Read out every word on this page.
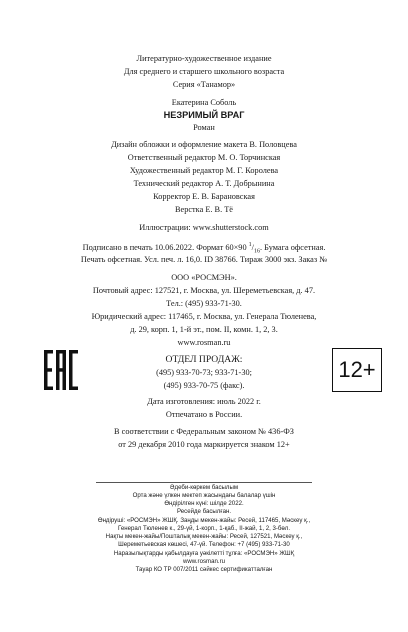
Литературно-художественное издание
Для среднего и старшего школьного возраста
Серия «Танамор»
Екатерина Соболь
НЕЗРИМЫЙ ВРАГ
Роман
Дизайн обложки и оформление макета В. Половцева
Ответственный редактор М. О. Торчинская
Художественный редактор М. Г. Королева
Технический редактор А. Т. Добрынина
Корректор Е. В. Барановская
Верстка Е. В. Тё
Иллюстрации: www.shutterstock.com
Подписано в печать 10.06.2022. Формат 60×90 $^1/_{16}$. Бумага офсетная.
Печать офсетная. Усл. печ. л. 16,0. ID 38766. Тираж 3000 экз. Заказ №
ООО «РОСМЭН».
Почтовый адрес: 127521, г. Москва, ул. Шереметьевская, д. 47.
Тел.: (495) 933-71-30.
Юридический адрес: 117465, г. Москва, ул. Генерала Тюленева,
д. 29, корп. 1, 1-й эт., пом. II, комн. 1, 2, 3.
www.rosman.ru
ОТДЕЛ ПРОДАЖ:
(495) 933-70-73; 933-71-30;
(495) 933-70-75 (факс).
12+
Дата изготовления: июль 2022 г.
Отпечатано в России.
В соответствии с Федеральным законом № 436-ФЗ
от 29 декабря 2010 года маркируется знаком 12+
Әдеби-көркем басылым
Орта және үлкен мектеп жасындағы балалар үшін
Өндірілген күні: шілде 2022.
Ресейде басылған.
Өндіруші: «РОСМЭН» ЖШҚ. Заңды мекен-жайы: Ресей, 117465, Мәскеу қ.,
Генерал Тюленев к., 29-үй, 1-корп., 1-қаб., II-жай, 1, 2, 3-бөл.
Нақты мекен-жайы/Пошталық мекен-жайы: Ресей, 127521, Мәскеу қ.,
Шереметьевская көшесі, 47-үй. Телефон: +7 (495) 933-71-30
Наразылықтарды қабылдауға уәкілетті тұлға: «РОСМЭН» ЖШҚ
www.rosman.ru
Тауар КО ТР 007/2011 сәйкес сертификатталған
